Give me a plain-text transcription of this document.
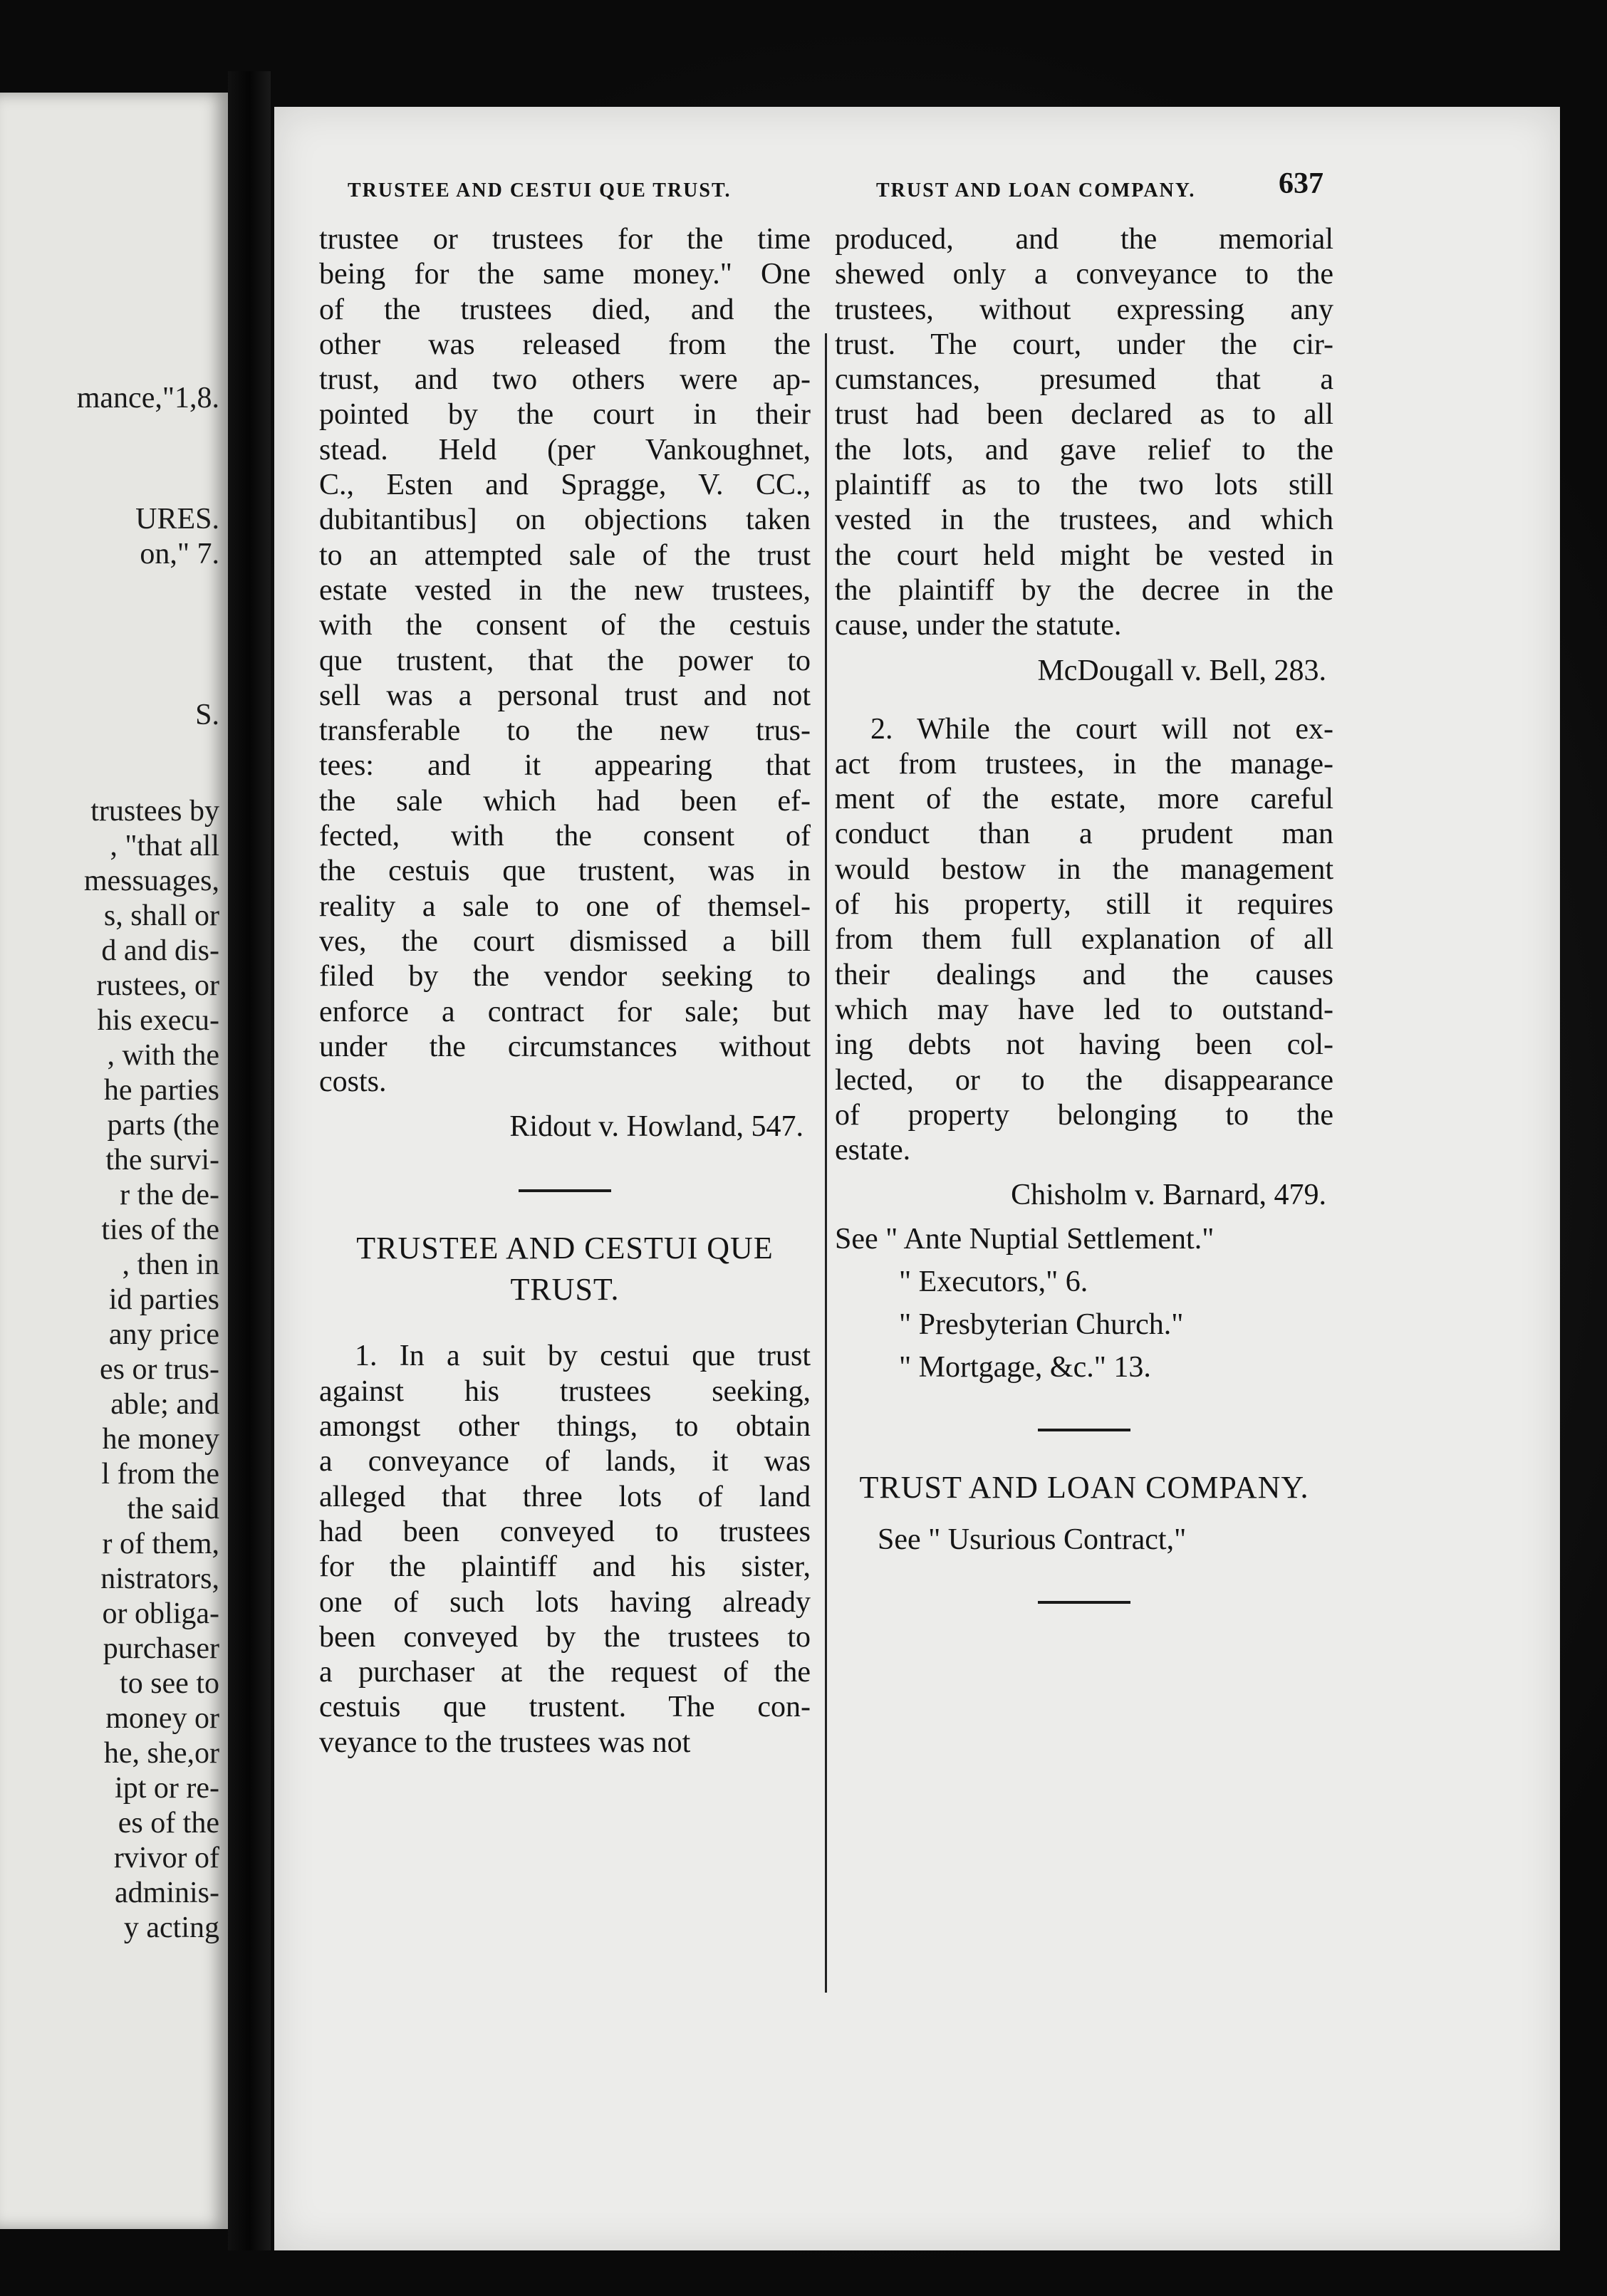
mance,"1,8.
URES.
on," 7.
S.
trustees by
, "that all
messuages,
s, shall or
d and dis-
rustees, or
his execu-
, with the
he parties
parts (the
the survi-
r the de-
ties of the
, then in
id parties
any price
es or trus-
able; and
he money
l from the
the said
r of them,
nistrators,
or obliga-
purchaser
to see to
money or
he, she,or
ipt or re-
es of the
rvivor of
adminis-
y acting
TRUSTEE AND CESTUI QUE TRUST.	TRUST AND LOAN COMPANY.	637
trustee or trustees for the time
being for the same money." One
of the trustees died, and the
other was released from the
trust, and two others were ap-
pointed by the court in their
stead. Held (per Vankoughnet,
C., Esten and Spragge, V. CC.,
dubitantibus] on objections taken
to an attempted sale of the trust
estate vested in the new trustees,
with the consent of the cestuis
que trustent, that the power to
sell was a personal trust and not
transferable to the new trus-
tees: and it appearing that
the sale which had been ef-
fected, with the consent of
the cestuis que trustent, was in
reality a sale to one of themsel-
ves, the court dismissed a bill
filed by the vendor seeking to
enforce a contract for sale; but
under the circumstances without
costs.
Ridout v. Howland, 547.
TRUSTEE AND CESTUI QUE
TRUST.
1. In a suit by cestui que trust
against his trustees seeking,
amongst other things, to obtain
a conveyance of lands, it was
alleged that three lots of land
had been conveyed to trustees
for the plaintiff and his sister,
one of such lots having already
been conveyed by the trustees to
a purchaser at the request of the
cestuis que trustent. The con-
veyance to the trustees was not
produced, and the memorial
shewed only a conveyance to the
trustees, without expressing any
trust. The court, under the cir-
cumstances, presumed that a
trust had been declared as to all
the lots, and gave relief to the
plaintiff as to the two lots still
vested in the trustees, and which
the court held might be vested in
the plaintiff by the decree in the
cause, under the statute.
McDougall v. Bell, 283.
2. While the court will not ex-
act from trustees, in the manage-
ment of the estate, more careful
conduct than a prudent man
would bestow in the management
of his property, still it requires
from them full explanation of all
their dealings and the causes
which may have led to outstand-
ing debts not having been col-
lected, or to the disappearance
of property belonging to the
estate.
Chisholm v. Barnard, 479.
See " Ante Nuptial Settlement."
" Executors," 6.
" Presbyterian Church."
" Mortgage, &c." 13.
TRUST AND LOAN COMPANY.
See " Usurious Contract,"
